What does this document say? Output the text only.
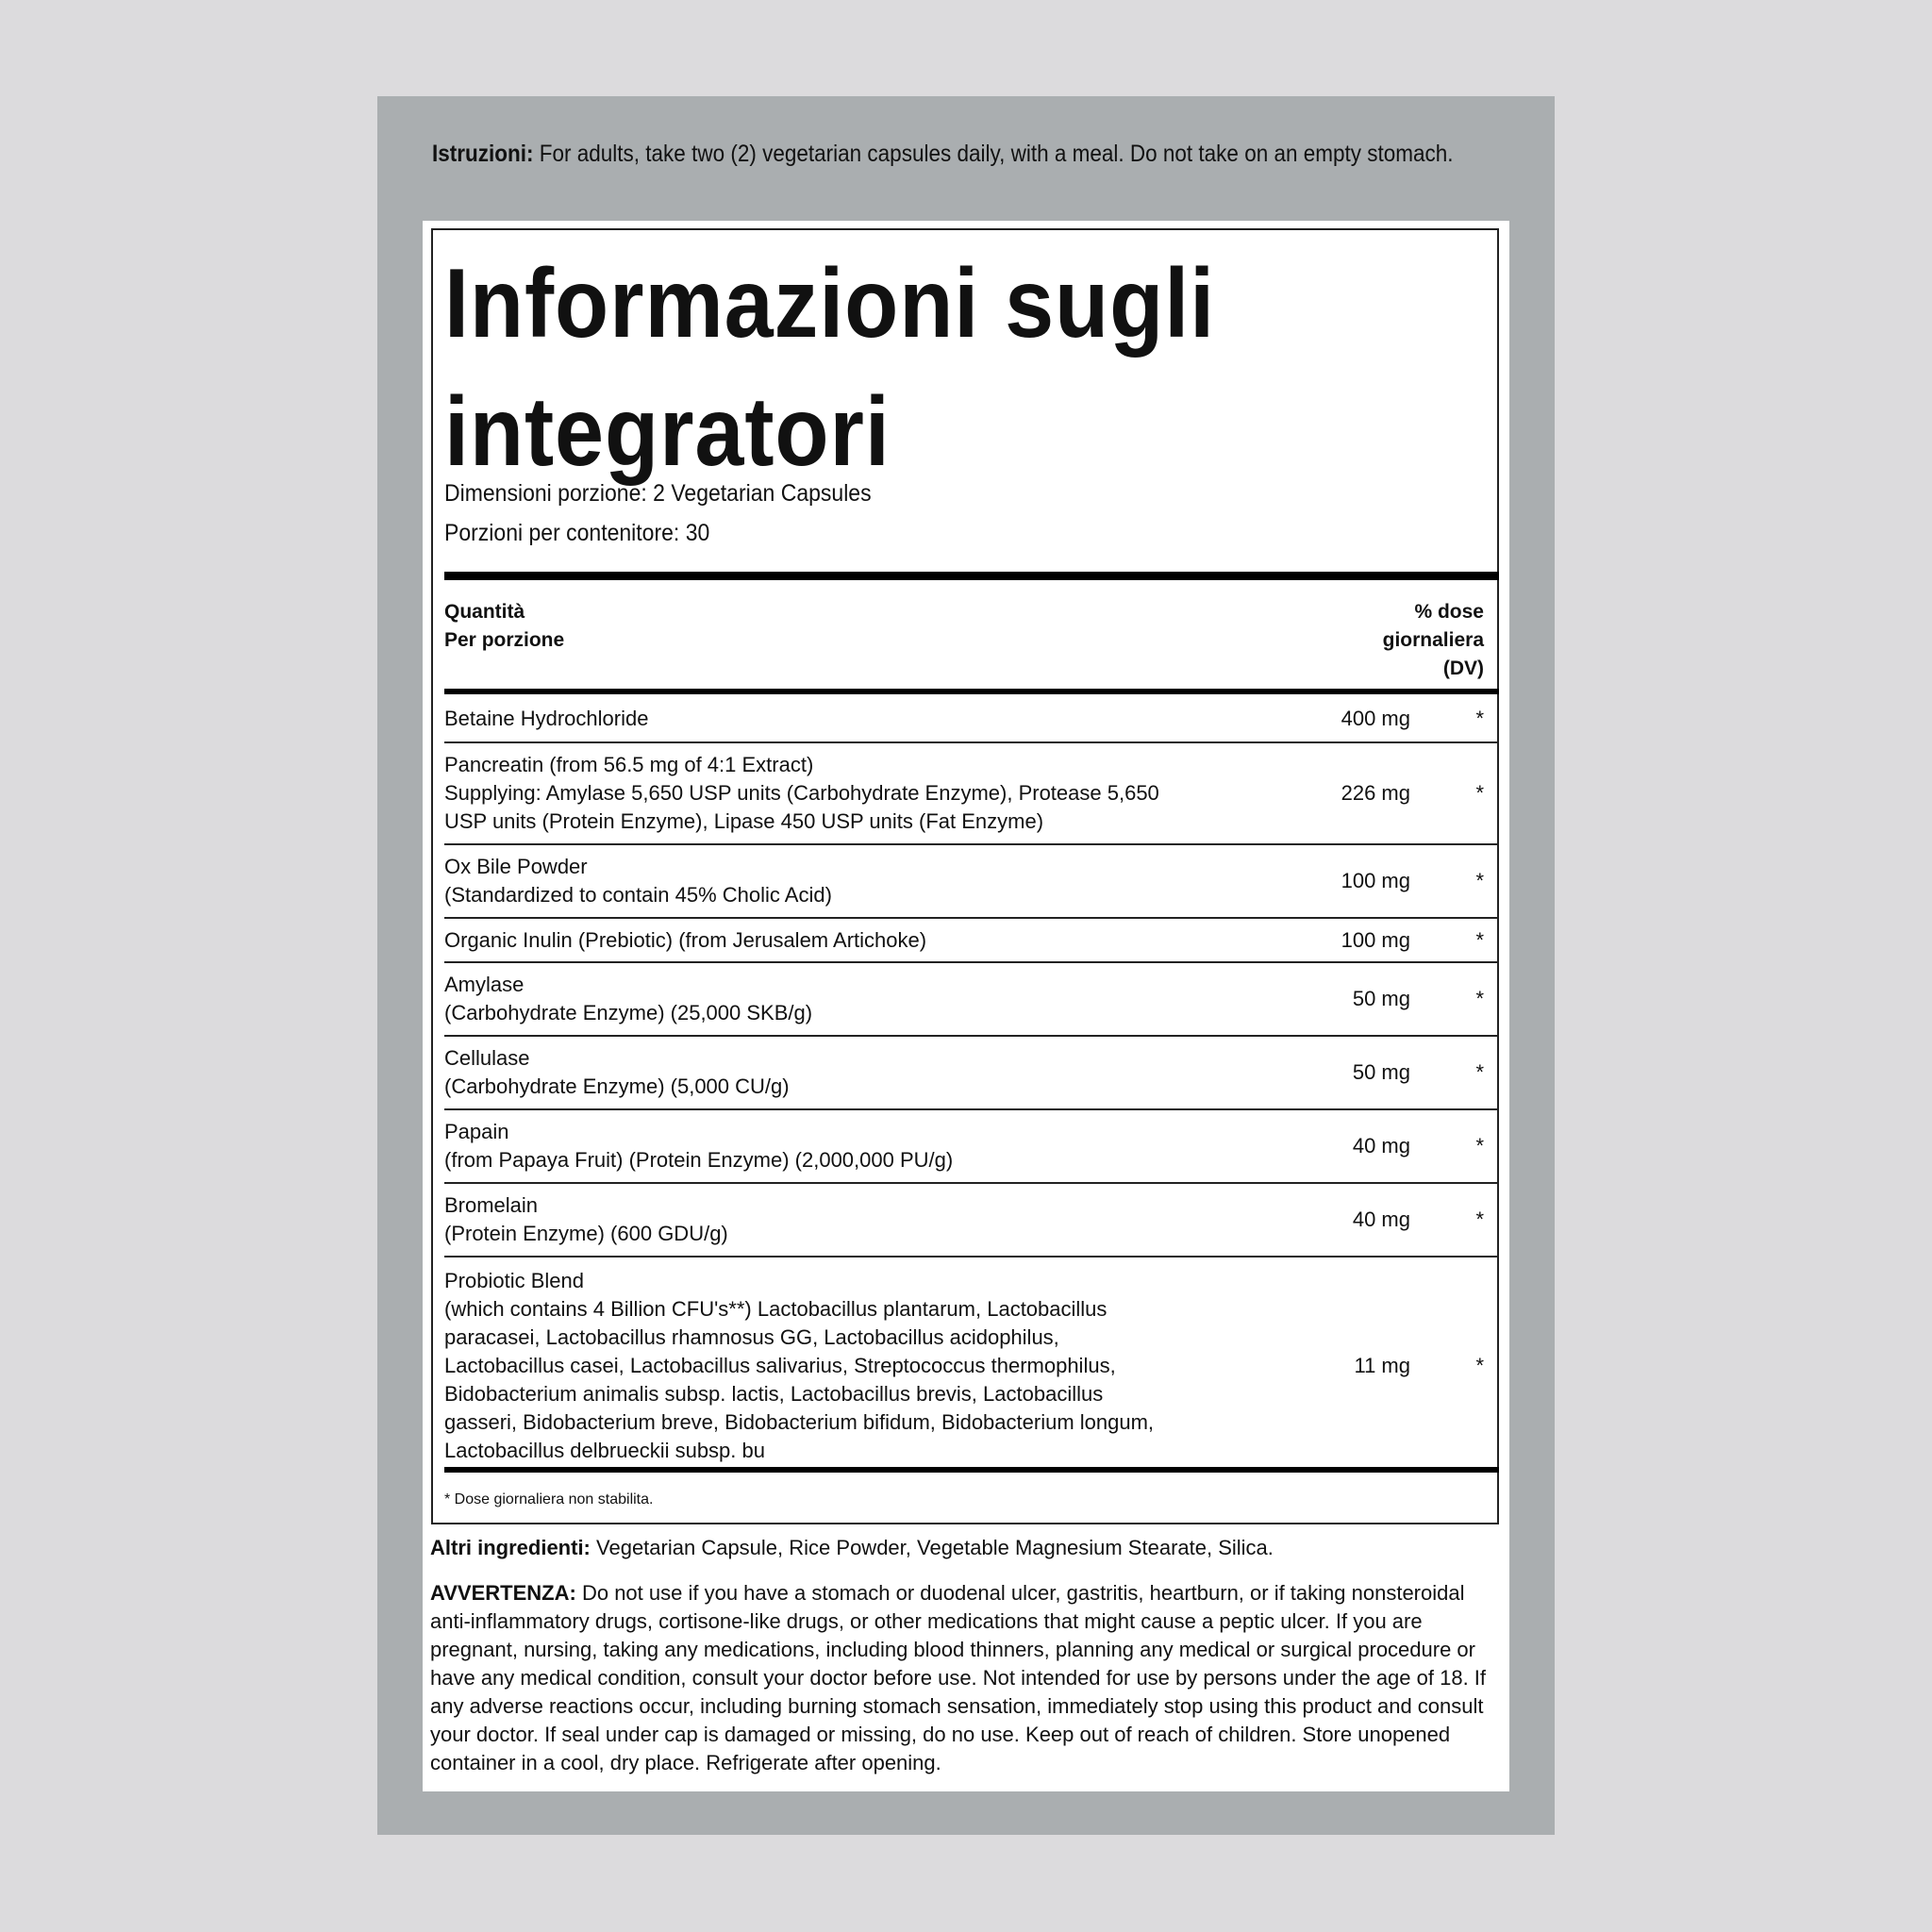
Istruzioni: For adults, take two (2) vegetarian capsules daily, with a meal. Do not take on an empty stomach.
Informazioni sugli integratori
Dimensioni porzione: 2 Vegetarian Capsules
Porzioni per contenitore: 30
Quantità
Per porzione
% dose
giornaliera
(DV)
Betaine Hydrochloride	400 mg	*
Pancreatin (from 56.5 mg of 4:1 Extract)
Supplying: Amylase 5,650 USP units (Carbohydrate Enzyme), Protease 5,650 USP units (Protein Enzyme), Lipase 450 USP units (Fat Enzyme)
226 mg	*
Ox Bile Powder
(Standardized to contain 45% Cholic Acid)
100 mg	*
Organic Inulin (Prebiotic) (from Jerusalem Artichoke)	100 mg	*
Amylase
(Carbohydrate Enzyme) (25,000 SKB/g)
50 mg	*
Cellulase
(Carbohydrate Enzyme) (5,000 CU/g)
50 mg	*
Papain
(from Papaya Fruit) (Protein Enzyme) (2,000,000 PU/g)
40 mg	*
Bromelain
(Protein Enzyme) (600 GDU/g)
40 mg	*
Probiotic Blend
(which contains 4 Billion CFU's**) Lactobacillus plantarum, Lactobacillus paracasei, Lactobacillus rhamnosus GG, Lactobacillus acidophilus, Lactobacillus casei, Lactobacillus salivarius, Streptococcus thermophilus, Bidobacterium animalis subsp. lactis, Lactobacillus brevis, Lactobacillus gasseri, Bidobacterium breve, Bidobacterium bifidum, Bidobacterium longum, Lactobacillus delbrueckii subsp. bu
11 mg	*
* Dose giornaliera non stabilita.
Altri ingredienti: Vegetarian Capsule, Rice Powder, Vegetable Magnesium Stearate, Silica.
AVVERTENZA: Do not use if you have a stomach or duodenal ulcer, gastritis, heartburn, or if taking nonsteroidal anti-inflammatory drugs, cortisone-like drugs, or other medications that might cause a peptic ulcer. If you are pregnant, nursing, taking any medications, including blood thinners, planning any medical or surgical procedure or have any medical condition, consult your doctor before use. Not intended for use by persons under the age of 18. If any adverse reactions occur, including burning stomach sensation, immediately stop using this product and consult your doctor. If seal under cap is damaged or missing, do no use. Keep out of reach of children. Store unopened container in a cool, dry place. Refrigerate after opening.
